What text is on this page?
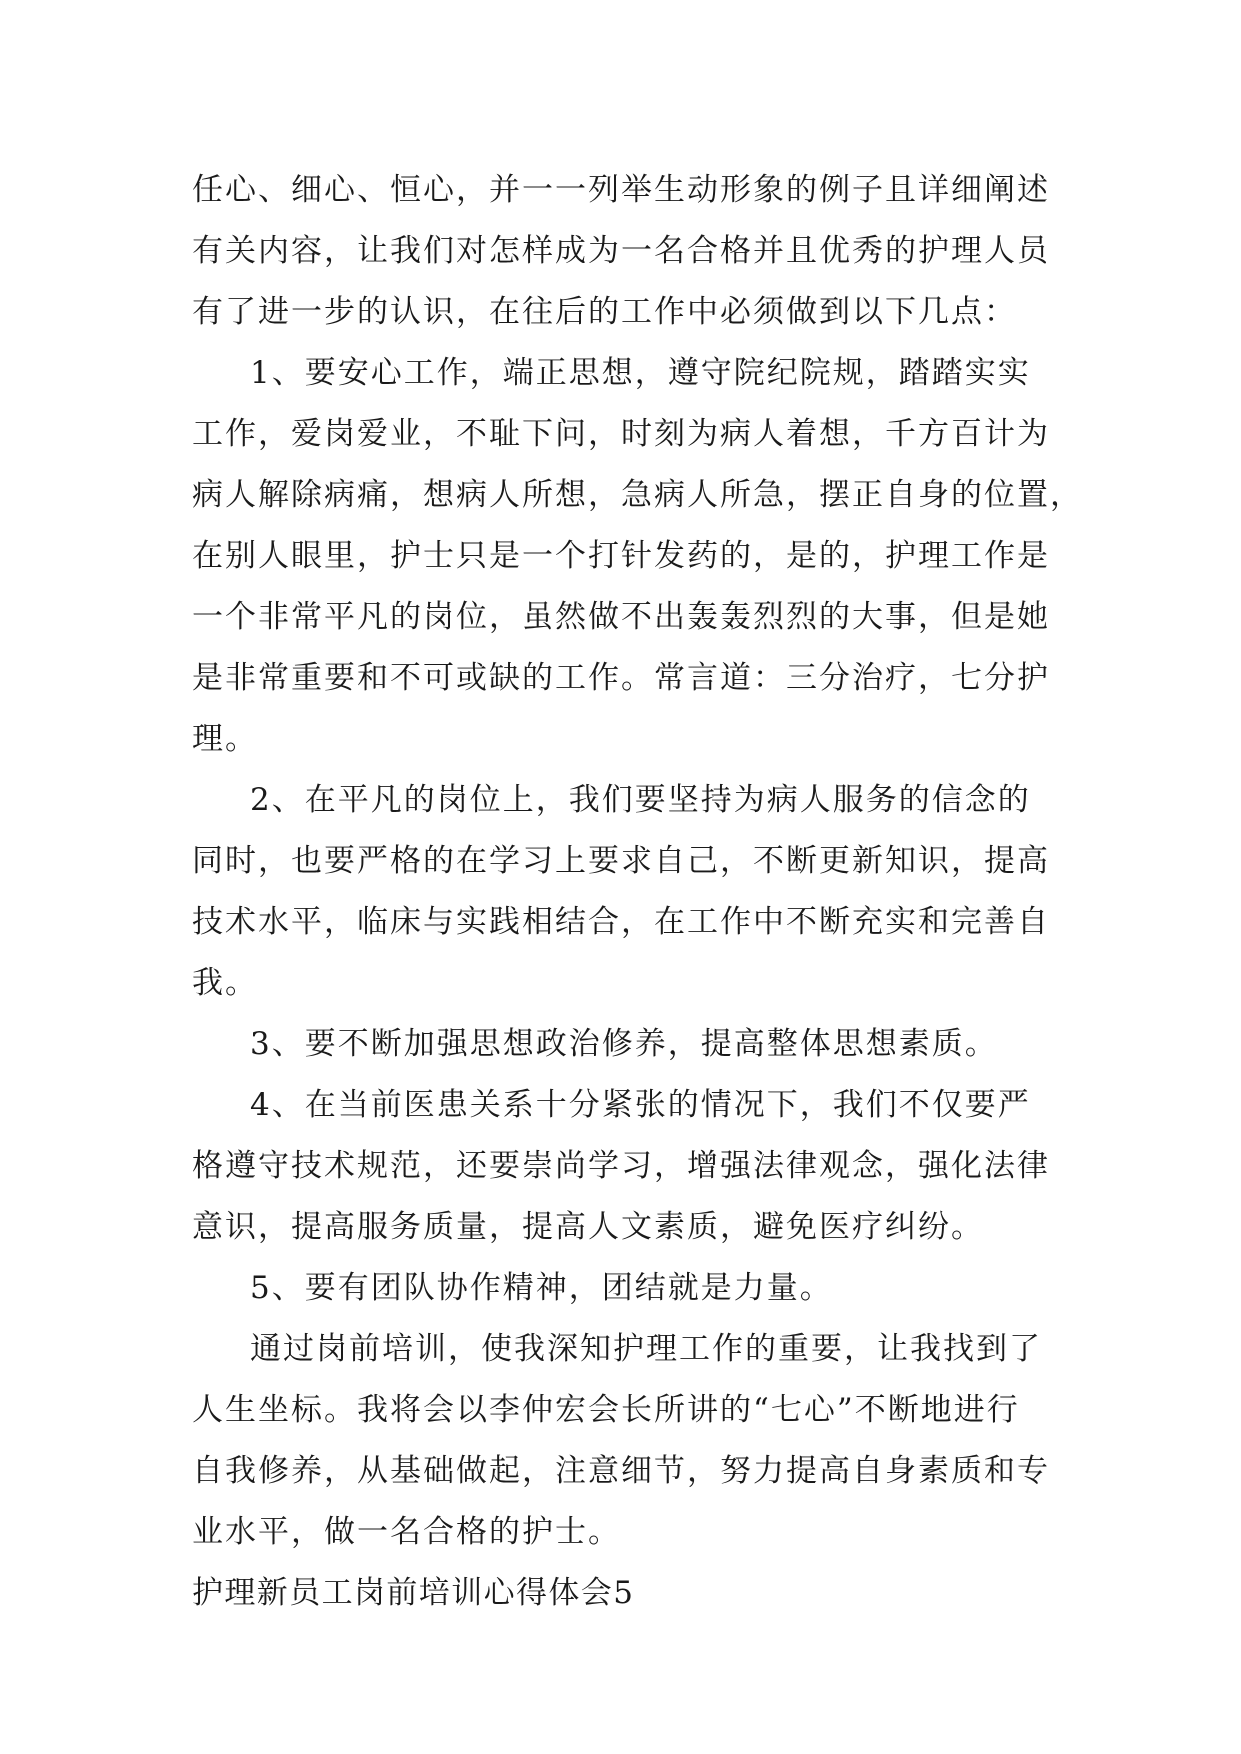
任心、细心、恒心，并一一列举生动形象的例子且详细阐述
有关内容，让我们对怎样成为一名合格并且优秀的护理人员
有了进一步的认识，在往后的工作中必须做到以下几点：
1、要安心工作，端正思想，遵守院纪院规，踏踏实实
工作，爱岗爱业，不耻下问，时刻为病人着想，千方百计为
病人解除病痛，想病人所想，急病人所急，摆正自身的位置，
在别人眼里，护士只是一个打针发药的，是的，护理工作是
一个非常平凡的岗位，虽然做不出轰轰烈烈的大事，但是她
是非常重要和不可或缺的工作。常言道：三分治疗，七分护
理。
2、在平凡的岗位上，我们要坚持为病人服务的信念的
同时，也要严格的在学习上要求自己，不断更新知识，提高
技术水平，临床与实践相结合，在工作中不断充实和完善自
我。
3、要不断加强思想政治修养，提高整体思想素质。
4、在当前医患关系十分紧张的情况下，我们不仅要严
格遵守技术规范，还要崇尚学习，增强法律观念，强化法律
意识，提高服务质量，提高人文素质，避免医疗纠纷。
5、要有团队协作精神，团结就是力量。
通过岗前培训，使我深知护理工作的重要，让我找到了
人生坐标。我将会以李仲宏会长所讲的“七心”不断地进行
自我修养，从基础做起，注意细节，努力提高自身素质和专
业水平，做一名合格的护士。
护理新员工岗前培训心得体会5
